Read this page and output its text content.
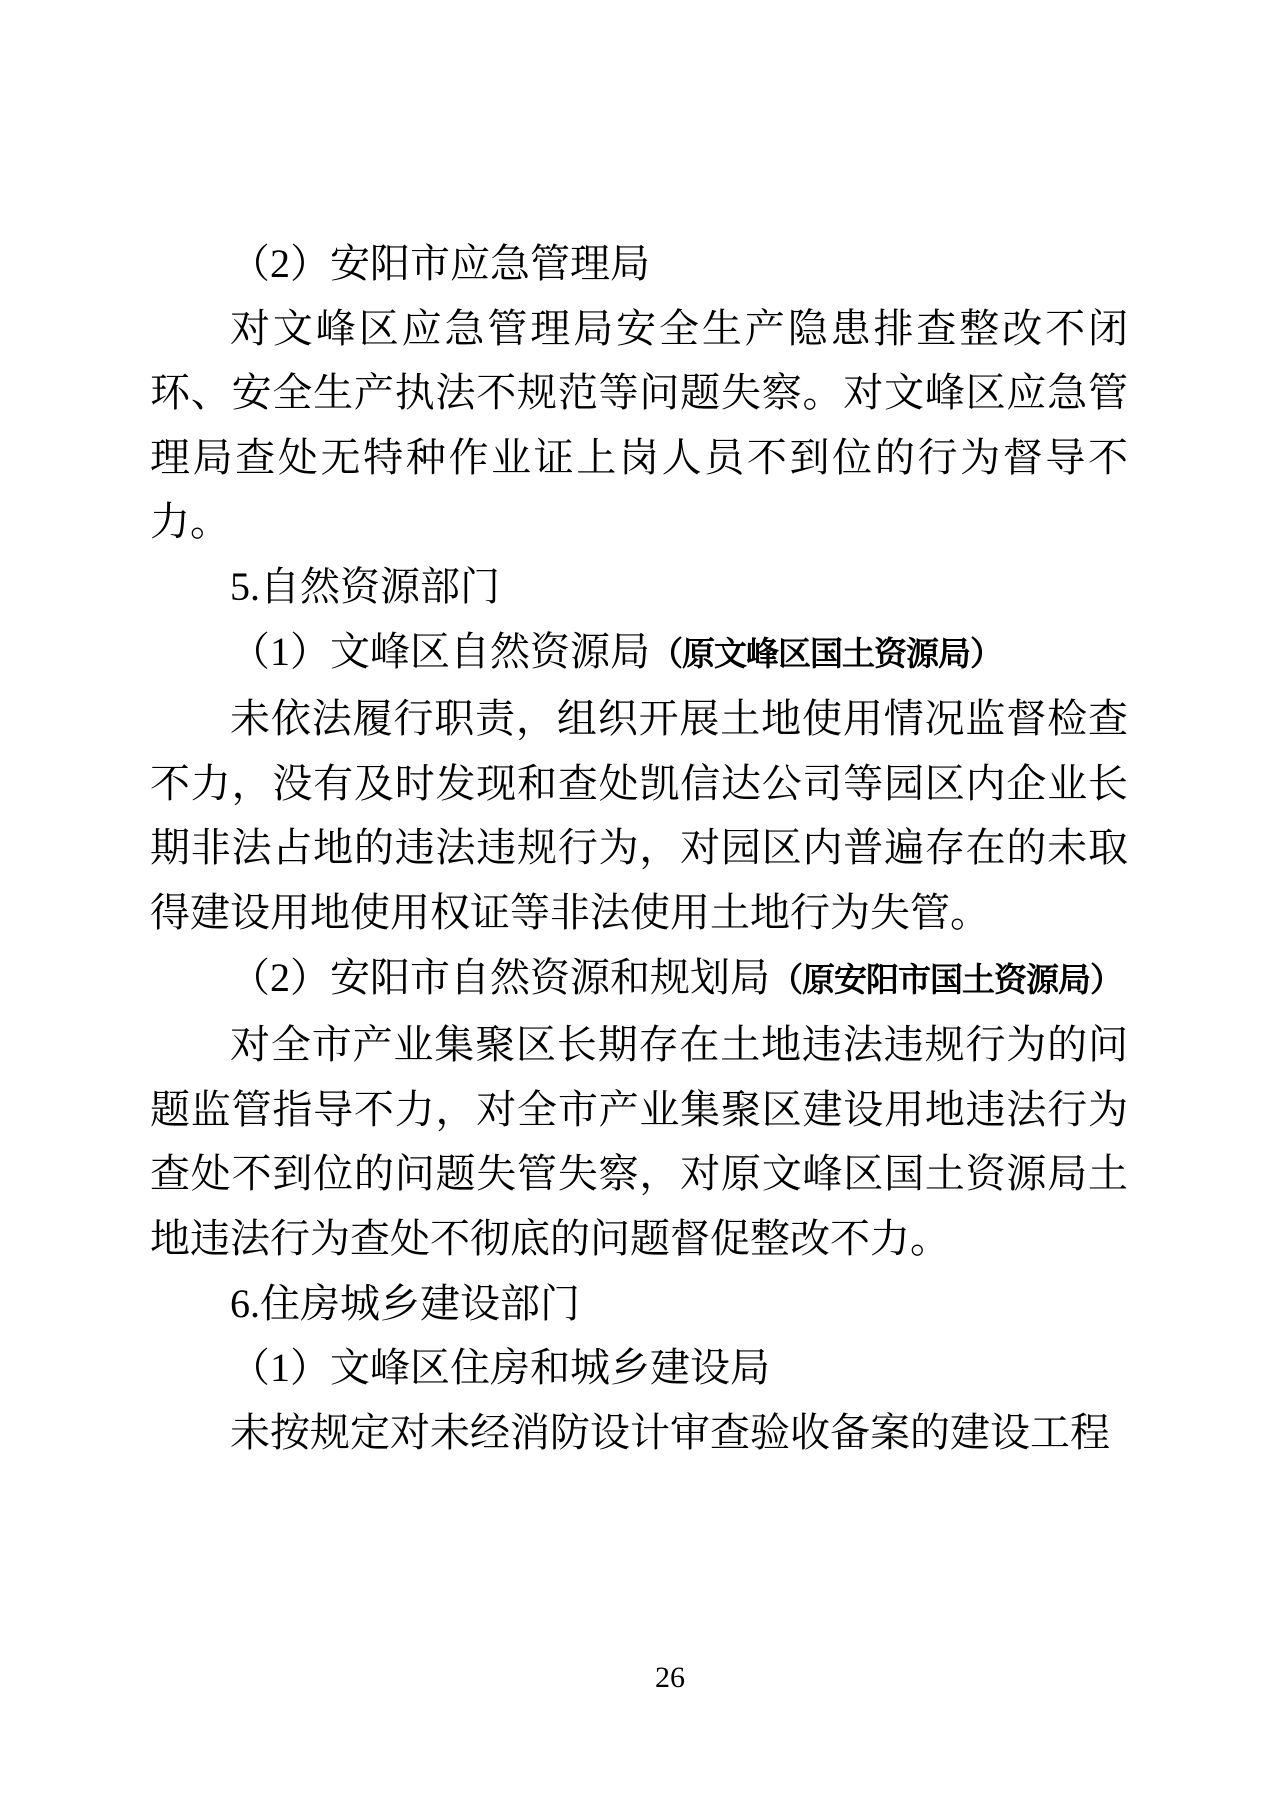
（2）安阳市应急管理局

对文峰区应急管理局安全生产隐患排查整改不闭环、安全生产执法不规范等问题失察。对文峰区应急管理局查处无特种作业证上岗人员不到位的行为督导不力。

5.自然资源部门

（1）文峰区自然资源局（原文峰区国土资源局）

未依法履行职责，组织开展土地使用情况监督检查不力，没有及时发现和查处凯信达公司等园区内企业长期非法占地的违法违规行为，对园区内普遍存在的未取得建设用地使用权证等非法使用土地行为失管。

（2）安阳市自然资源和规划局（原安阳市国土资源局）

对全市产业集聚区长期存在土地违法违规行为的问题监管指导不力，对全市产业集聚区建设用地违法行为查处不到位的问题失管失察，对原文峰区国土资源局土地违法行为查处不彻底的问题督促整改不力。

6.住房城乡建设部门

（1）文峰区住房和城乡建设局

未按规定对未经消防设计审查验收备案的建设工程

26
